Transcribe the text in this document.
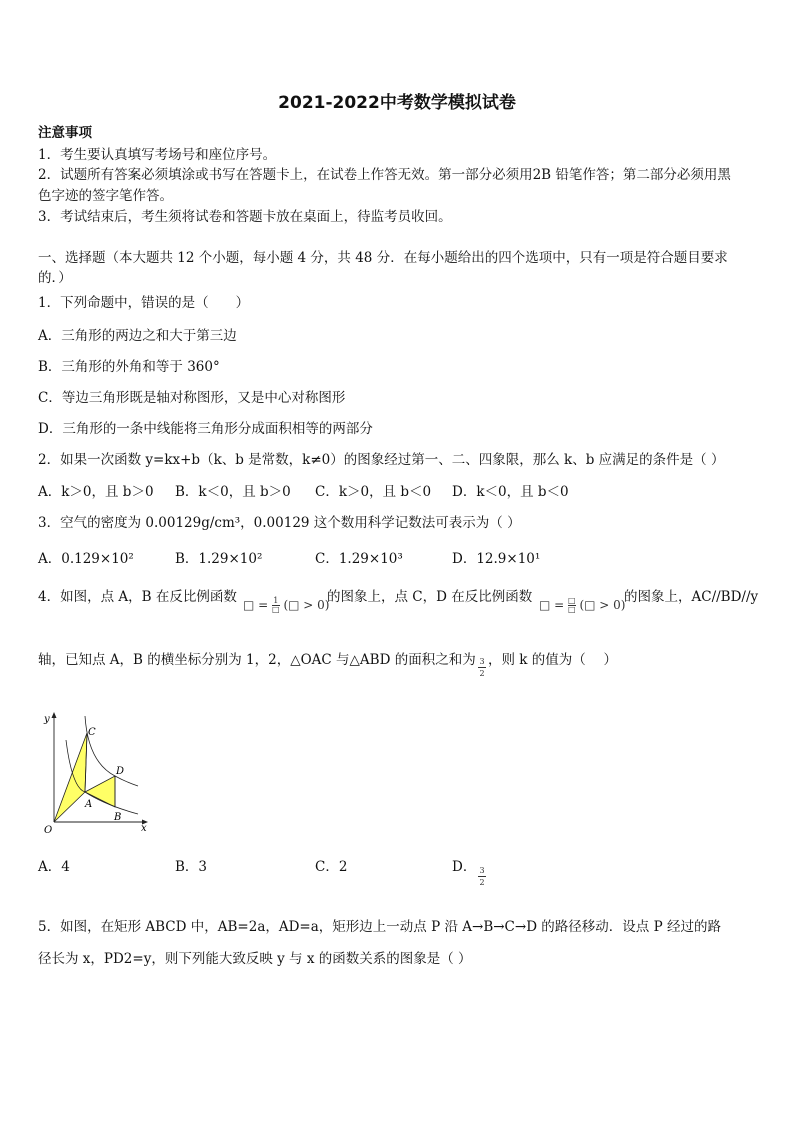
2021-2022中考数学模拟试卷
注意事项
1．考生要认真填写考场号和座位序号。
2．试题所有答案必须填涂或书写在答题卡上，在试卷上作答无效。第一部分必须用2B 铅笔作答；第二部分必须用黑
色字迹的签字笔作答。
3．考试结束后，考生须将试卷和答题卡放在桌面上，待监考员收回。
一、选择题（本大题共 12 个小题，每小题 4 分，共 48 分．在每小题给出的四个选项中，只有一项是符合题目要求
的．）
1．下列命题中，错误的是（　　）
A．三角形的两边之和大于第三边
B．三角形的外角和等于 360°
C．等边三角形既是轴对称图形，又是中心对称图形
D．三角形的一条中线能将三角形分成面积相等的两部分
2．如果一次函数 y=kx+b（k、b 是常数，k≠0）的图象经过第一、二、四象限，那么 k、b 应满足的条件是（ ）
A．k＞0，且 b＞0 B．k＜0，且 b＞0 C．k＞0，且 b＜0 D．k＜0，且 b＜0
3．空气的密度为 0.00129g/cm³，0.00129 这个数用科学记数法可表示为（ ）
A．0.129×10²	B．1.29×10²	C．1.29×10³	D．12.9×10¹
4．如图，点 A，B 在反比例函数 □ = 1
□ (□ > 0)
的图象上，点 C，D 在反比例函数 □ = □
□ (□ > 0)
的图象上，AC//BD//y
轴，已知点 A，B 的横坐标分别为 1，2，△OAC 与△ABD 的面积之和为 3
2
，则 k 的值为（　 ）
y
x
O
A
B
C
D
A．4	B．3	C．2	D． 3
2
5．如图，在矩形 ABCD 中，AB=2a，AD=a，矩形边上一动点 P 沿 A→B→C→D 的路径移动．设点 P 经过的路
径长为 x，PD2=y，则下列能大致反映 y 与 x 的函数关系的图象是（ ）
